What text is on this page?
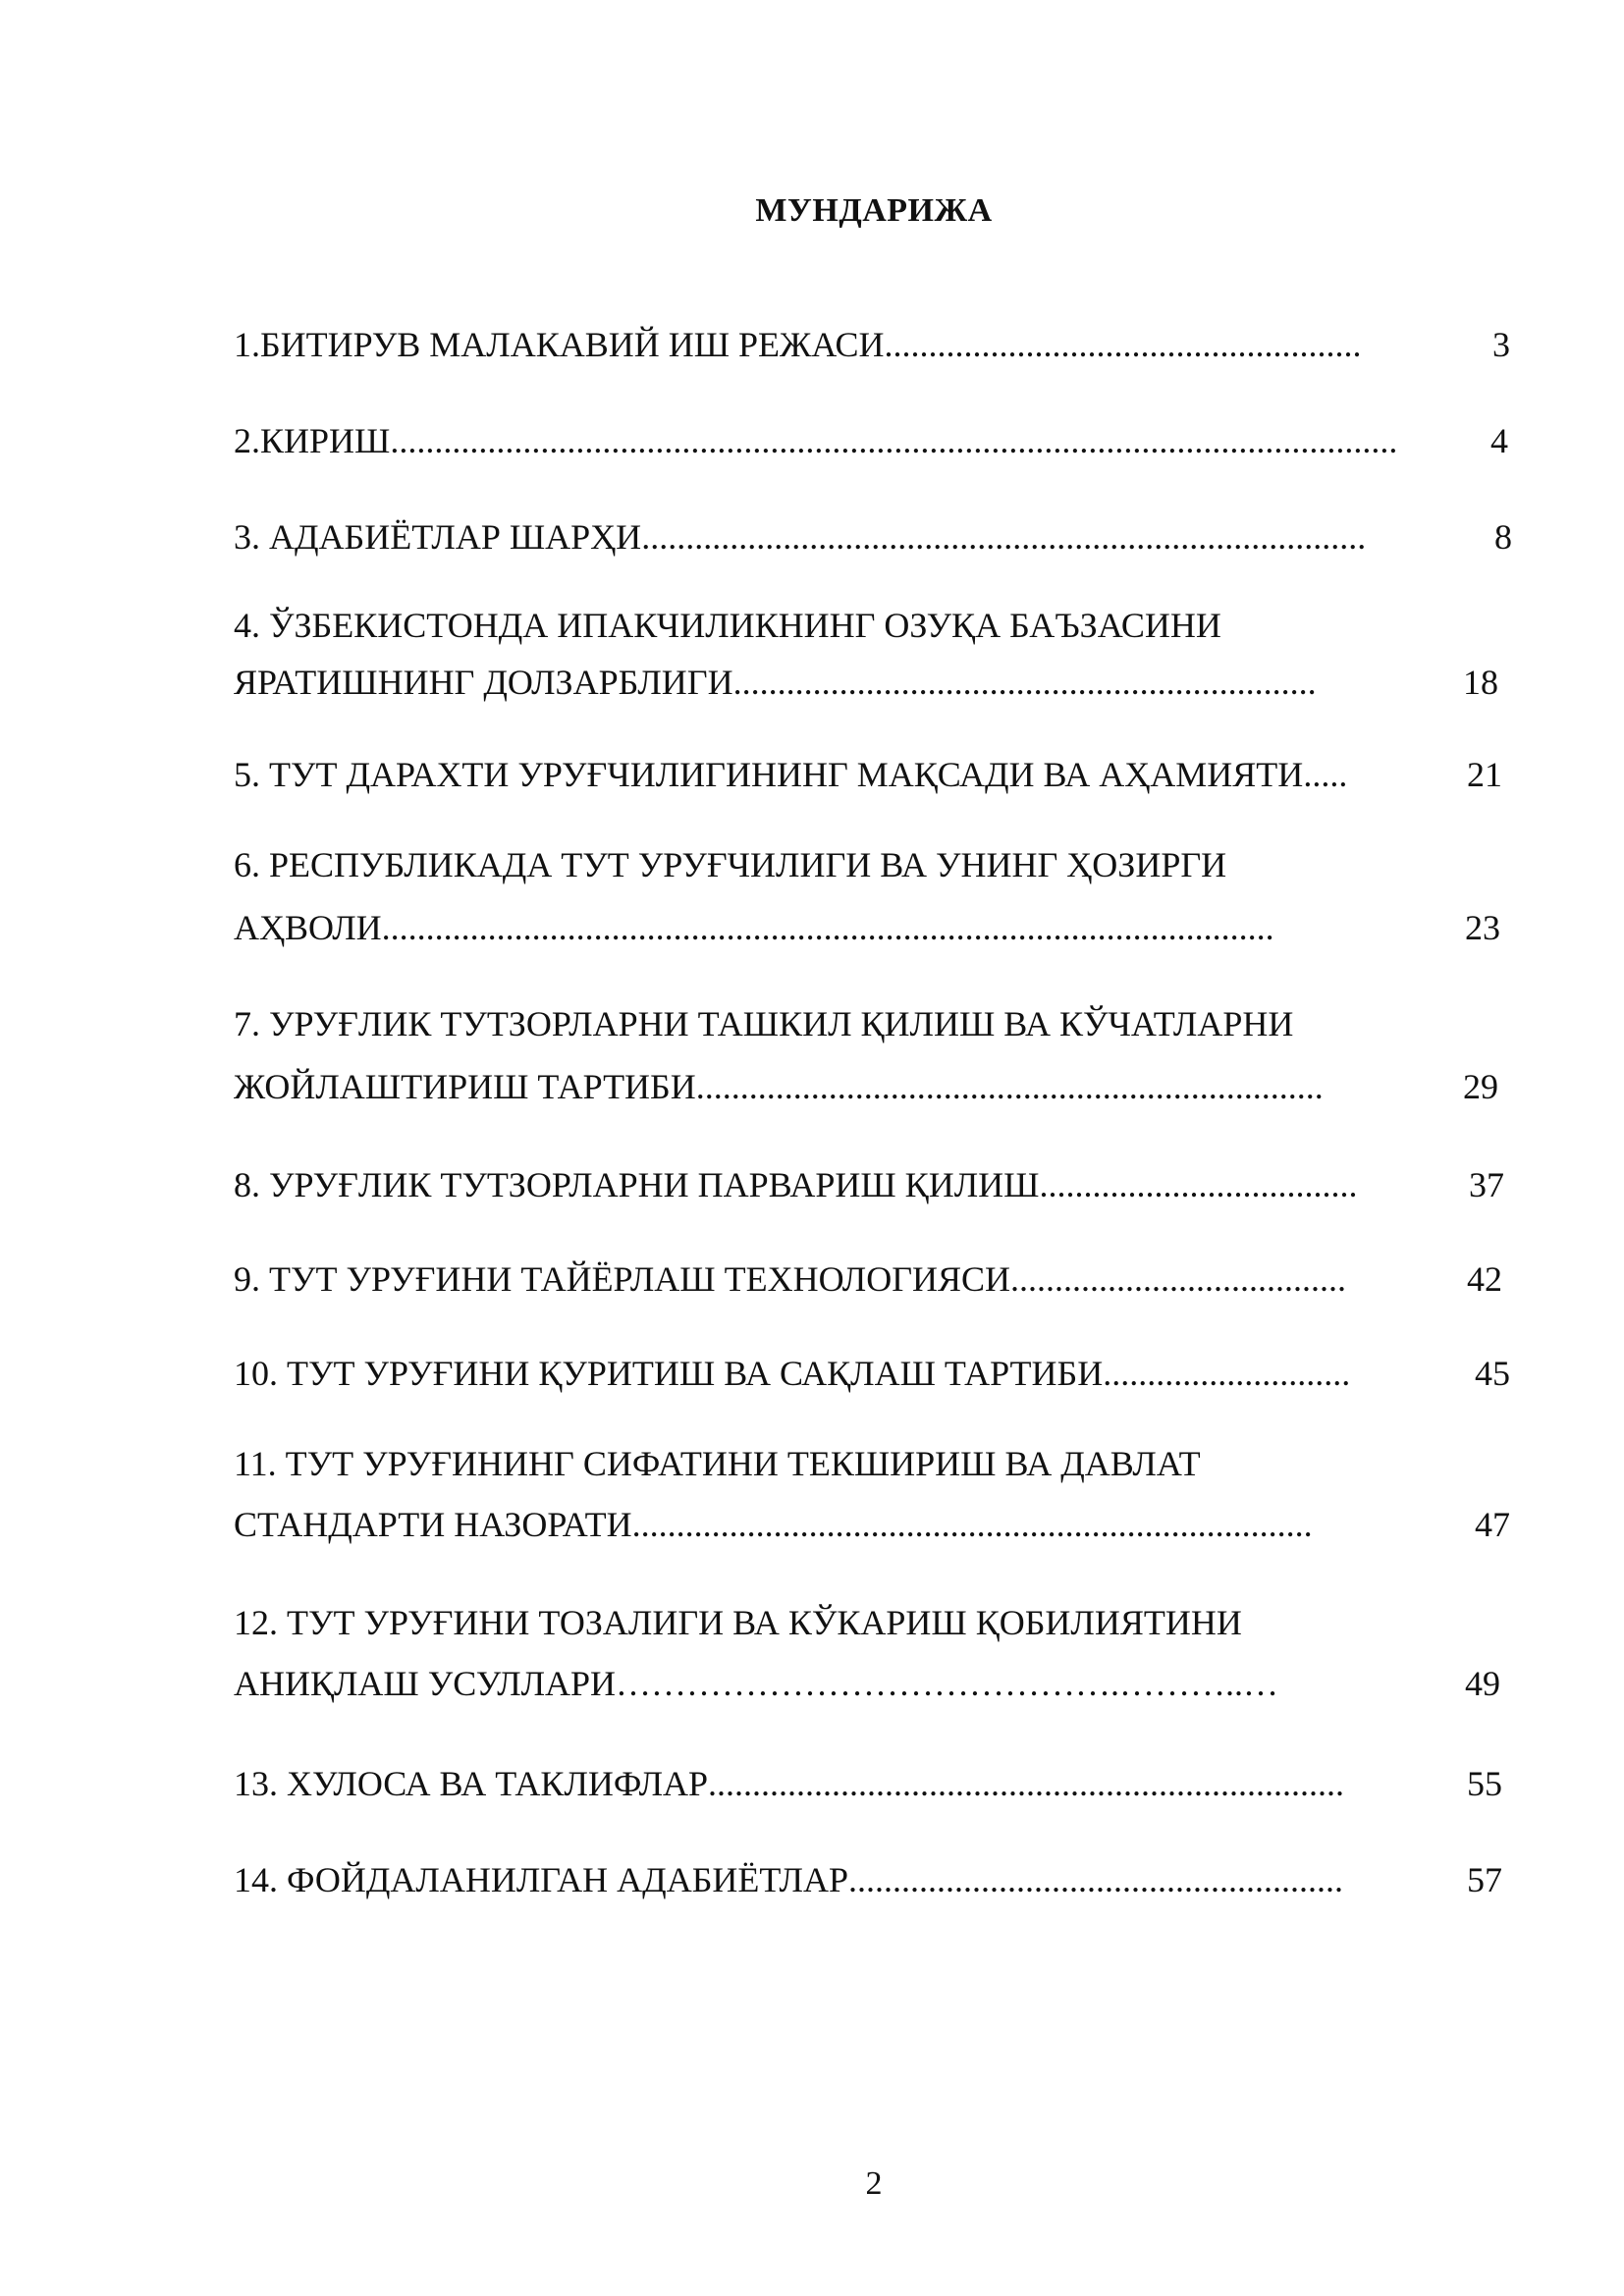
МУНДАРИЖА
1.БИТИРУВ МАЛАКАВИЙ ИШ РЕЖАСИ ......................................................	3
2.КИРИШ ..................................................................................................................	4
3. АДАБИЁТЛАР ШАРҲИ ..................................................................................	8
4. ЎЗБЕКИСТОНДА ИПАКЧИЛИКНИНГ ОЗУҚА БАЪЗАСИНИ
ЯРАТИШНИНГ ДОЛЗАРБЛИГИ ..................................................................	18
5. ТУТ ДАРАХТИ УРУҒЧИЛИГИНИНГ МАҚСАДИ ВА АҲАМИЯТИ .....	21
6. РЕСПУБЛИКАДА ТУТ УРУҒЧИЛИГИ ВА УНИНГ ҲОЗИРГИ
АҲВОЛИ .....................................................................................................	23
7. УРУҒЛИК ТУТЗОРЛАРНИ ТАШКИЛ ҚИЛИШ ВА КЎЧАТЛАРНИ
ЖОЙЛАШТИРИШ ТАРТИБИ .......................................................................	29
8. УРУҒЛИК ТУТЗОРЛАРНИ ПАРВАРИШ ҚИЛИШ ....................................	37
9. ТУТ УРУҒИНИ ТАЙЁРЛАШ ТЕХНОЛОГИЯСИ ......................................	42
10. ТУТ УРУҒИНИ ҚУРИТИШ ВА САҚЛАШ ТАРТИБИ ............................	45
11. ТУТ УРУҒИНИНГ СИФАТИНИ ТЕКШИРИШ ВА ДАВЛАТ
СТАНДАРТИ НАЗОРАТИ .............................................................................	47
12. ТУТ УРУҒИНИ ТОЗАЛИГИ ВА КЎКАРИШ ҚОБИЛИЯТИНИ
АНИҚЛАШ УСУЛЛАРИ …………………………………….………..…	49
13. ХУЛОСА ВА ТАКЛИФЛАР ........................................................................	55
14. ФОЙДАЛАНИЛГАН АДАБИЁТЛАР ........................................................	57
2
